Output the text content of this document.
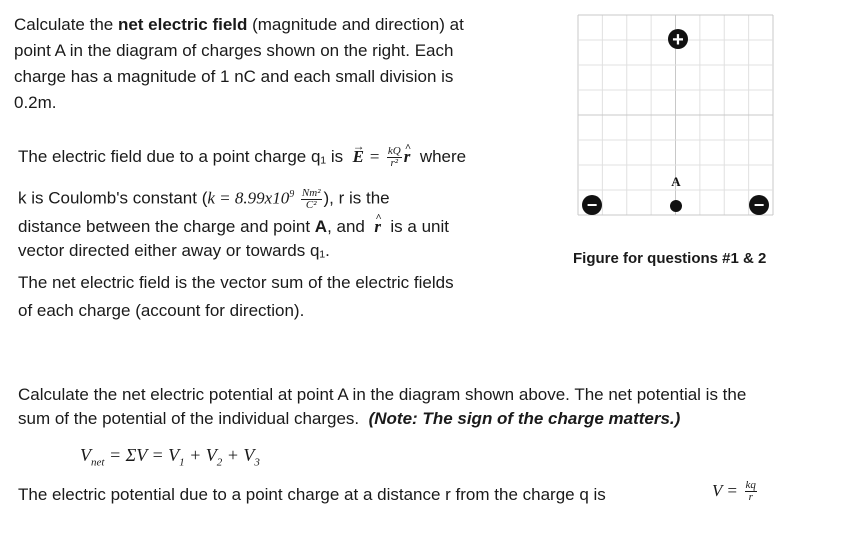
Calculate the net electric field (magnitude and direction) at
point A in the diagram of charges shown on the right. Each
charge has a magnitude of 1 nC and each small division is
0.2m.
The electric field due to a point charge q₁ is → $E = \frac{kQ}{\text{r²}}$ ^ r where
k is Coulomb's constant ($k = 8.99x10^9 \frac{\text{Nm²}}{\text{C²}}$ ), r is the
distance between the charge and point A, and ^ r is a unit
vector directed either away or towards q₁.
The net electric field is the vector sum of the electric fields
of each charge (account for direction).
+
−	−
A
Figure for questions #1 & 2
Calculate the net electric potential at point A in the diagram shown above. The net potential is the
sum of the potential of the individual charges. (Note: The sign of the charge matters.)
$V_{net} = \Sigma V = V_1 + V_2 + V_3$
The electric potential due to a point charge at a distance r from the charge q is	$V = \frac{kq}{r}$
